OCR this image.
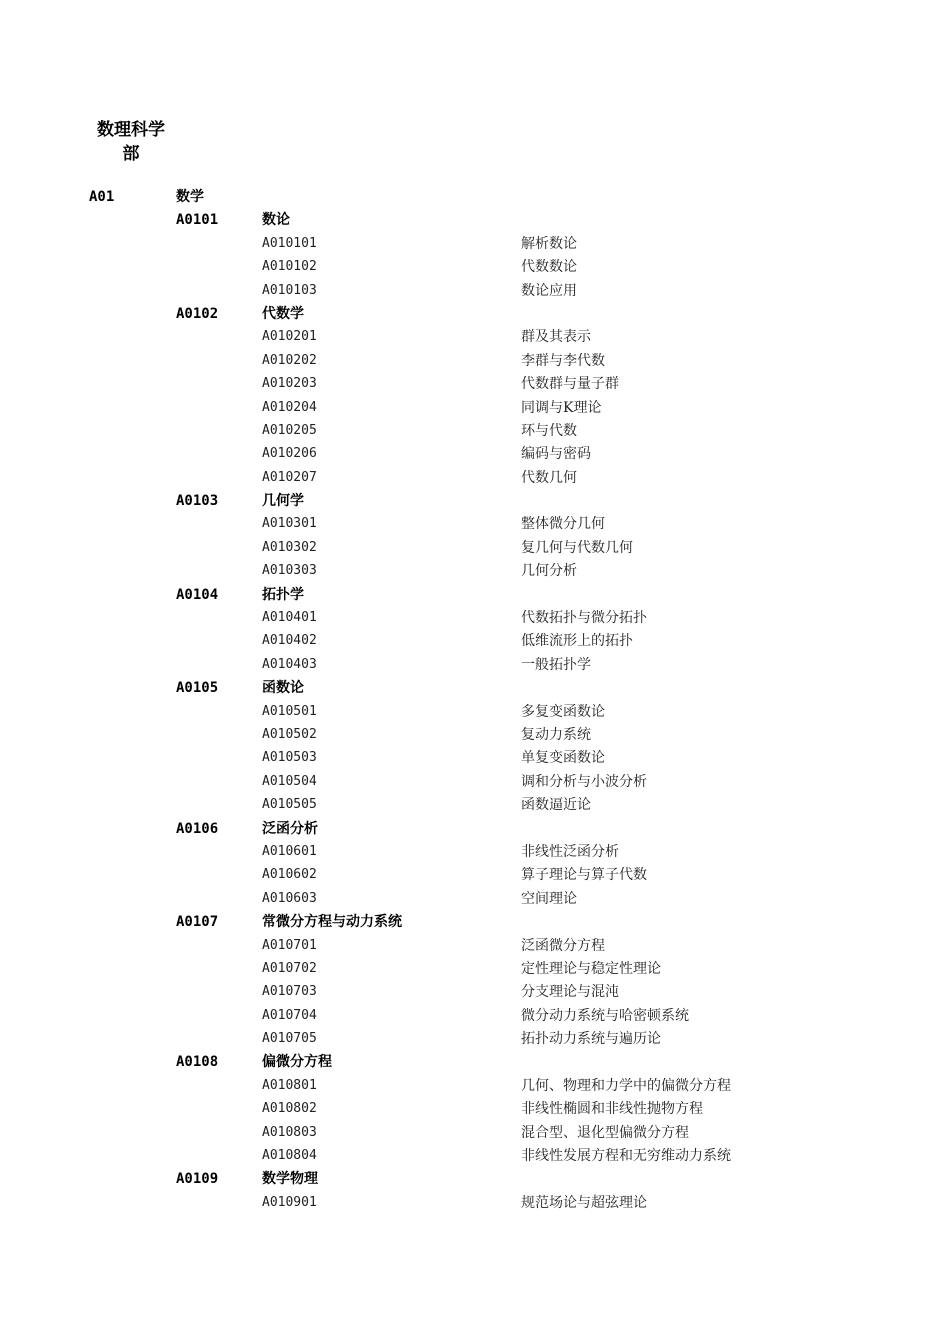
数理科学
部
A01	数学
A0101	数论
A010101	解析数论
A010102	代数数论
A010103	数论应用
A0102	代数学
A010201	群及其表示
A010202	李群与李代数
A010203	代数群与量子群
A010204	同调与K理论
A010205	环与代数
A010206	编码与密码
A010207	代数几何
A0103	几何学
A010301	整体微分几何
A010302	复几何与代数几何
A010303	几何分析
A0104	拓扑学
A010401	代数拓扑与微分拓扑
A010402	低维流形上的拓扑
A010403	一般拓扑学
A0105	函数论
A010501	多复变函数论
A010502	复动力系统
A010503	单复变函数论
A010504	调和分析与小波分析
A010505	函数逼近论
A0106	泛函分析
A010601	非线性泛函分析
A010602	算子理论与算子代数
A010603	空间理论
A0107	常微分方程与动力系统
A010701	泛函微分方程
A010702	定性理论与稳定性理论
A010703	分支理论与混沌
A010704	微分动力系统与哈密顿系统
A010705	拓扑动力系统与遍历论
A0108	偏微分方程
A010801	几何、物理和力学中的偏微分方程
A010802	非线性椭圆和非线性抛物方程
A010803	混合型、退化型偏微分方程
A010804	非线性发展方程和无穷维动力系统
A0109	数学物理
A010901	规范场论与超弦理论
